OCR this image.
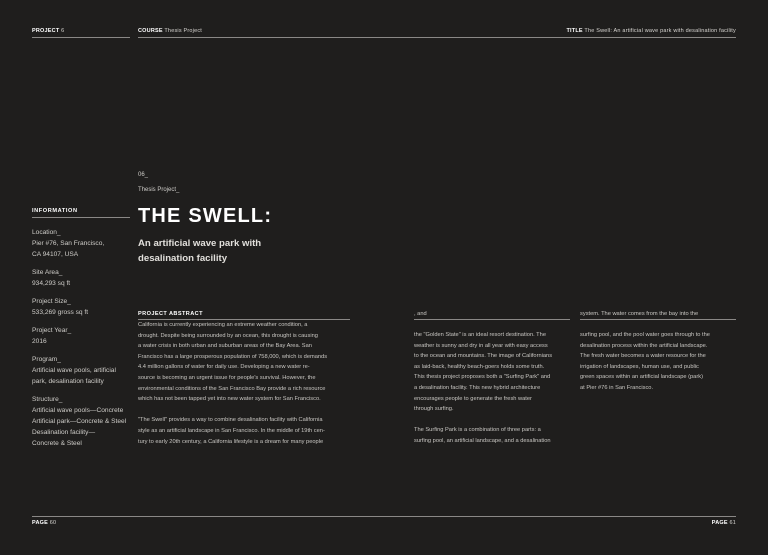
PROJECT 6	COURSE Thesis Project	TITLE The Swell: An artificial wave park with desalination facility
06_
Thesis Project_
THE SWELL:
An artificial wave park with
desalination facility
INFORMATION
Location_
Pier #76, San Francisco,
CA 94107, USA
Site Area_
934,293 sq ft
Project Size_
533,269 gross sq ft
Project Year_
2016
Program_
Artificial wave pools, artificial
park, desalination facility
Structure_
Artificial wave pools—Concrete
Artificial park—Concrete & Steel
Desalination facility—
Concrete & Steel
PROJECT ABSTRACT

California is currently experiencing an extreme weather condition, a

drought. Despite being surrounded by an ocean, this drought is causing

a water crisis in both urban and suburban areas of the Bay Area. San

Francisco has a large prosperous population of 758,000, which is demands

4.4 million gallons of water for daily use. Developing a new water re-

source is becoming an urgent issue for people's survival. However, the

environmental conditions of the San Francisco Bay provide a rich resource

which has not been tapped yet into new water system for San Francisco.

"The Swell" provides a way to combine desalination facility with California

style as an artificial landscape in San Francisco. In the middle of 19th cen-

tury to early 20th century, a California lifestyle is a dream for many people

, and

the "Golden State" is an ideal resort destination. The

weather is sunny and dry in all year with easy access

to the ocean and mountains. The image of Californians

as laid-back, healthy beach-goers holds some truth.

This thesis project proposes both a "Surfing Park" and

a desalination facility. This new hybrid architecture

encourages people to generate the fresh water

through surfing.

The Surfing Park is a combination of three parts: a

surfing pool, an artificial landscape, and a desalination

system. The water comes from the bay into the

surfing pool, and the pool water goes through to the

desalination process within the artificial landscape.

The fresh water becomes a water resource for the

irrigation of landscapes, human use, and public

green spaces within an artificial landscape (park)

at Pier #76 in San Francisco.

PAGE 60	PAGE 61
